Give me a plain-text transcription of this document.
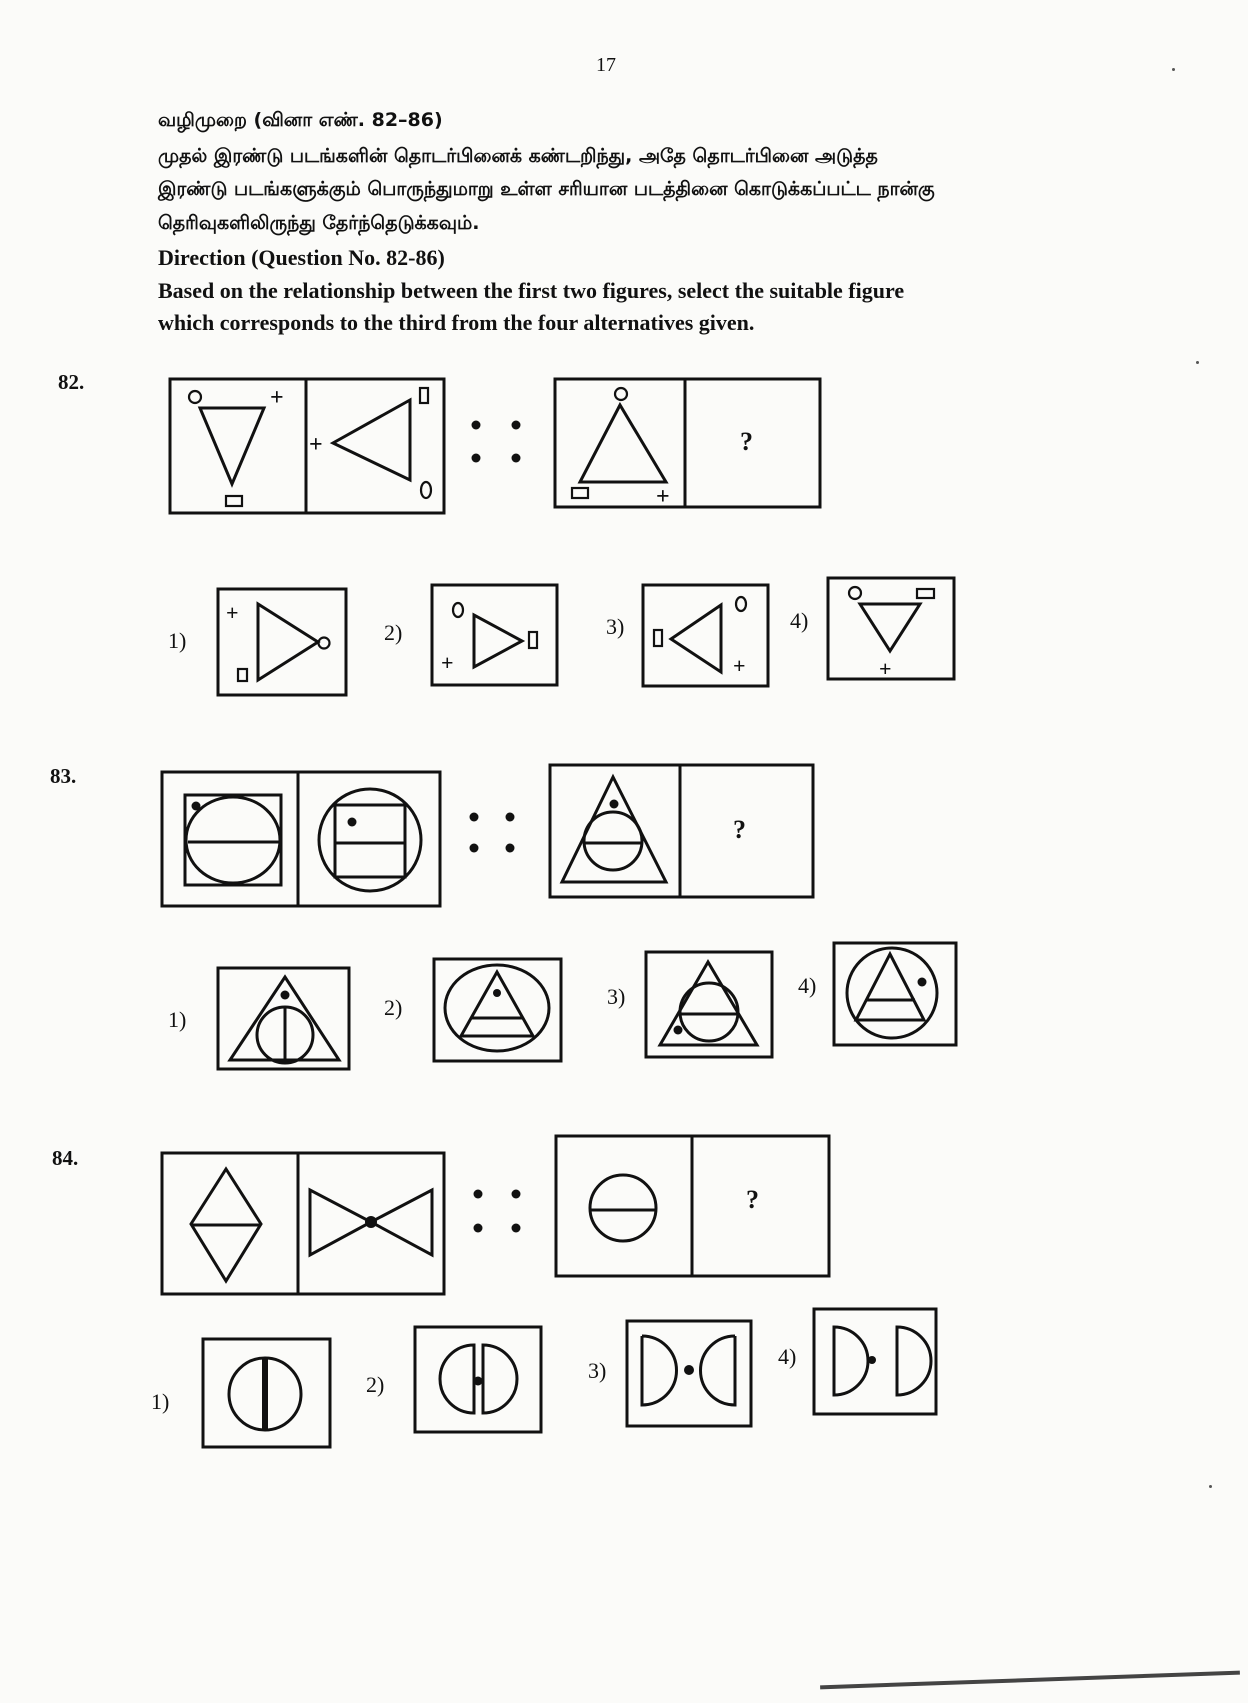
17
வழிமுறை (வினா எண். 82–86)
முதல் இரண்டு படங்களின் தொடர்பினைக் கண்டறிந்து, அதே தொடர்பினை அடுத்த
இரண்டு படங்களுக்கும் பொருந்துமாறு உள்ள சரியான படத்தினை கொடுக்கப்பட்ட நான்கு
தெரிவுகளிலிருந்து தேர்ந்தெடுக்கவும்.
Direction (Question No. 82-86)
Based on the relationship between the first two figures, select the suitable figure
which corresponds to the third from the four alternatives given.
82.
+
+
+
?
+
+	+	+
1)	2)	3)	4)
83.
?
1)	2)	3)	4)
84.
?
1)
2)
3)
4)
